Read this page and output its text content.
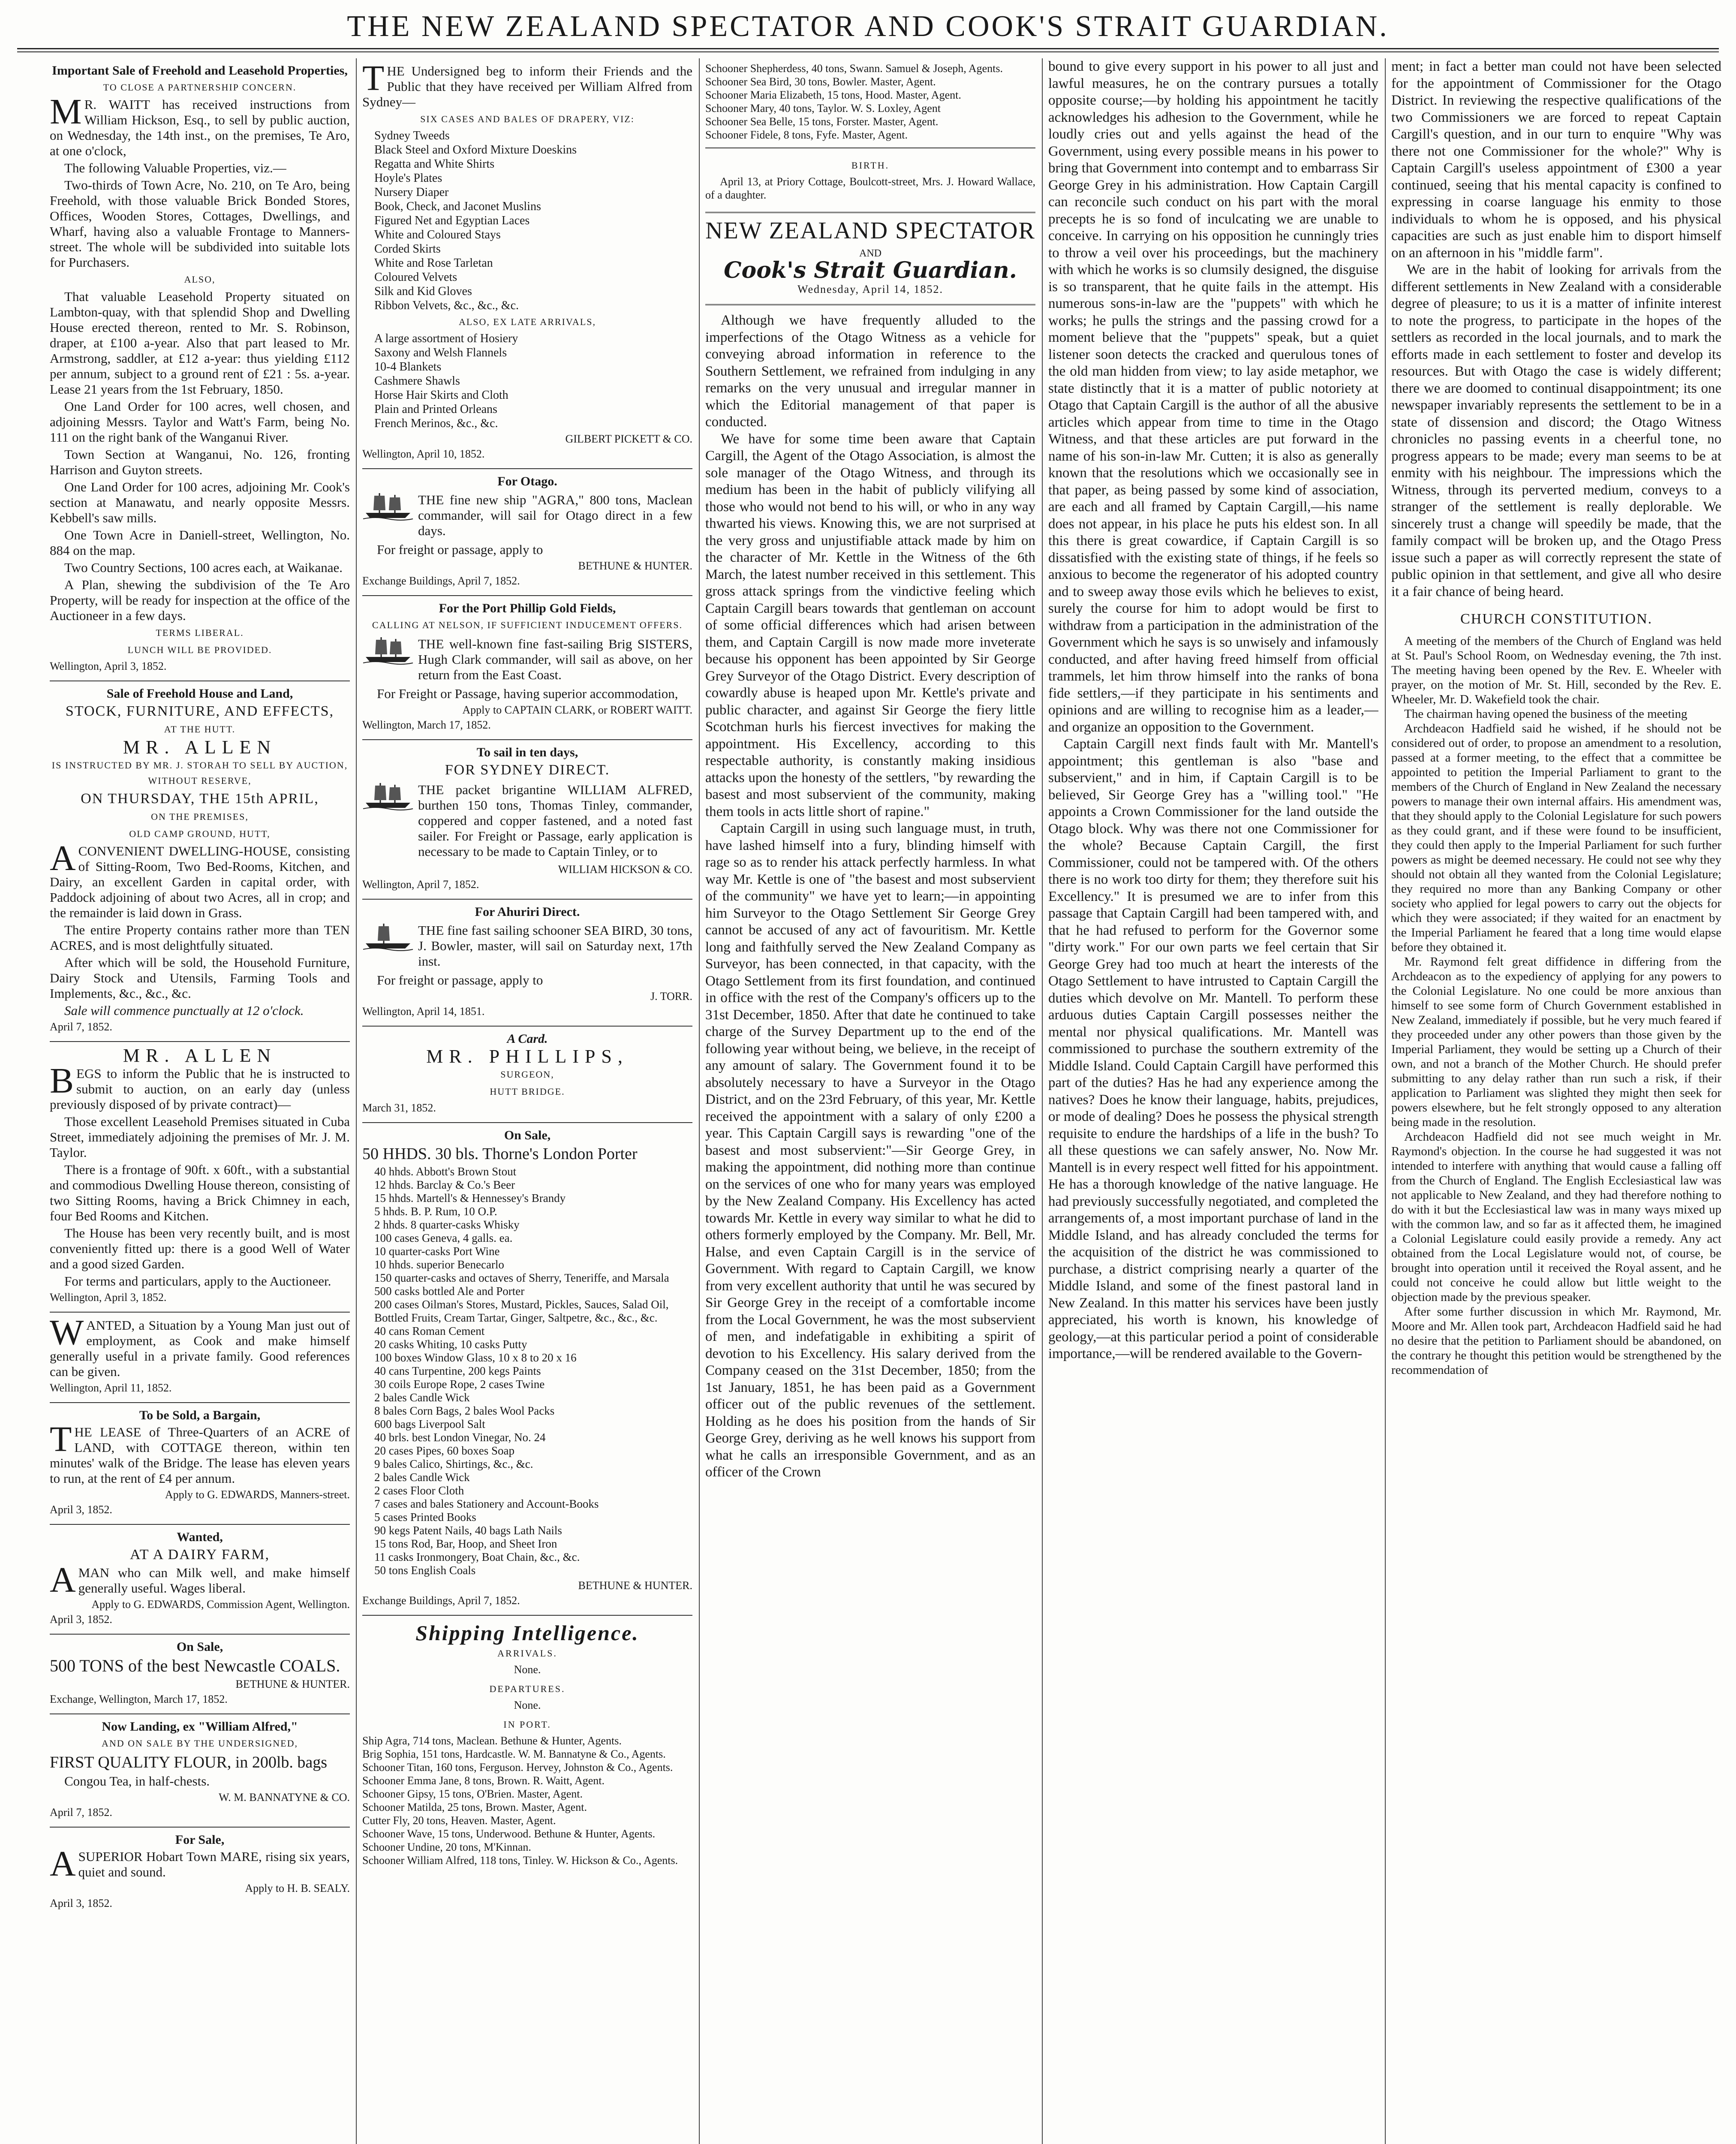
THE NEW ZEALAND SPECTATOR AND COOK'S STRAIT GUARDIAN.
Important Sale of Freehold and Leasehold Properties,
TO CLOSE A PARTNERSHIP CONCERN.
MR. WAITT has received instructions from William Hickson, Esq., to sell by public auction, on Wednesday, the 14th inst., on the premises, Te Aro, at one o'clock,
The following Valuable Properties, viz.—
Two-thirds of Town Acre, No. 210, on Te Aro, being Freehold, with those valuable Brick Bonded Stores, Offices, Wooden Stores, Cottages, Dwellings, and Wharf, having also a valuable Frontage to Manners-street. The whole will be subdivided into suitable lots for Purchasers.
ALSO,
That valuable Leasehold Property situated on Lambton-quay, with that splendid Shop and Dwelling House erected thereon, rented to Mr. S. Robinson, draper, at £100 a-year. Also that part leased to Mr. Armstrong, saddler, at £12 a-year: thus yielding £112 per annum, subject to a ground rent of £21 : 5s. a-year. Lease 21 years from the 1st February, 1850.
One Land Order for 100 acres, well chosen, and adjoining Messrs. Taylor and Watt's Farm, being No. 111 on the right bank of the Wanganui River.
Town Section at Wanganui, No. 126, fronting Harrison and Guyton streets.
One Land Order for 100 acres, adjoining Mr. Cook's section at Manawatu, and nearly opposite Messrs. Kebbell's saw mills.
One Town Acre in Daniell-street, Wellington, No. 884 on the map.
Two Country Sections, 100 acres each, at Waikanae.
A Plan, shewing the subdivision of the Te Aro Property, will be ready for inspection at the office of the Auctioneer in a few days.
TERMS LIBERAL.
LUNCH WILL BE PROVIDED.
Wellington, April 3, 1852.
Sale of Freehold House and Land,
STOCK, FURNITURE, AND EFFECTS,
AT THE HUTT.
MR. ALLEN
IS INSTRUCTED BY MR. J. STORAH TO SELL BY AUCTION, WITHOUT RESERVE,
ON THURSDAY, THE 15th APRIL,
ON THE PREMISES,
OLD CAMP GROUND, HUTT,
ACONVENIENT DWELLING-HOUSE, consisting of Sitting-Room, Two Bed-Rooms, Kitchen, and Dairy, an excellent Garden in capital order, with Paddock adjoining of about two Acres, all in crop; and the remainder is laid down in Grass.
The entire Property contains rather more than TEN ACRES, and is most delightfully situated.
After which will be sold, the Household Furniture, Dairy Stock and Utensils, Farming Tools and Implements, &c., &c., &c.
Sale will commence punctually at 12 o'clock.
April 7, 1852.
MR. ALLEN
BEGS to inform the Public that he is instructed to submit to auction, on an early day (unless previously disposed of by private contract)—
Those excellent Leasehold Premises situated in Cuba Street, immediately adjoining the premises of Mr. J. M. Taylor.
There is a frontage of 90ft. x 60ft., with a substantial and commodious Dwelling House thereon, consisting of two Sitting Rooms, having a Brick Chimney in each, four Bed Rooms and Kitchen.
The House has been very recently built, and is most conveniently fitted up: there is a good Well of Water and a good sized Garden.
For terms and particulars, apply to the Auctioneer.
Wellington, April 3, 1852.
WANTED, a Situation by a Young Man just out of employment, as Cook and make himself generally useful in a private family. Good references can be given.
Wellington, April 11, 1852.
To be Sold, a Bargain,
THE LEASE of Three-Quarters of an ACRE of LAND, with COTTAGE thereon, within ten minutes' walk of the Bridge. The lease has eleven years to run, at the rent of £4 per annum.
Apply to G. EDWARDS, Manners-street.
April 3, 1852.
Wanted,
AT A DAIRY FARM,
AMAN who can Milk well, and make himself generally useful. Wages liberal.
Apply to G. EDWARDS, Commission Agent, Wellington.
April 3, 1852.
On Sale,
500 TONS of the best Newcastle COALS.
BETHUNE & HUNTER.
Exchange, Wellington, March 17, 1852.
Now Landing, ex "William Alfred,"
AND ON SALE BY THE UNDERSIGNED,
FIRST QUALITY FLOUR, in 200lb. bags
Congou Tea, in half-chests.
W. M. BANNATYNE & CO.
April 7, 1852.
For Sale,
ASUPERIOR Hobart Town MARE, rising six years, quiet and sound.
Apply to H. B. SEALY.
April 3, 1852.
THE Undersigned beg to inform their Friends and the Public that they have received per William Alfred from Sydney—
SIX CASES AND BALES OF DRAPERY, VIZ:
Sydney Tweeds
Black Steel and Oxford Mixture Doeskins
Regatta and White Shirts
Hoyle's Plates
Nursery Diaper
Book, Check, and Jaconet Muslins
Figured Net and Egyptian Laces
White and Coloured Stays
Corded Skirts
White and Rose Tarletan
Coloured Velvets
Silk and Kid Gloves
Ribbon Velvets, &c., &c., &c.
ALSO, EX LATE ARRIVALS,
A large assortment of Hosiery
Saxony and Welsh Flannels
10-4 Blankets
Cashmere Shawls
Horse Hair Skirts and Cloth
Plain and Printed Orleans
French Merinos, &c., &c.
GILBERT PICKETT & CO.
Wellington, April 10, 1852.
For Otago.
THE fine new ship "AGRA," 800 tons, Maclean commander, will sail for Otago direct in a few days.
For freight or passage, apply to
BETHUNE & HUNTER.
Exchange Buildings, April 7, 1852.
For the Port Phillip Gold Fields,
CALLING AT NELSON, IF SUFFICIENT INDUCEMENT OFFERS.
THE well-known fine fast-sailing Brig SISTERS, Hugh Clark commander, will sail as above, on her return from the East Coast.
For Freight or Passage, having superior accommodation,
Apply to CAPTAIN CLARK, or ROBERT WAITT.
Wellington, March 17, 1852.
To sail in ten days,
FOR SYDNEY DIRECT.
THE packet brigantine WILLIAM ALFRED, burthen 150 tons, Thomas Tinley, commander, coppered and copper fastened, and a noted fast sailer. For Freight or Passage, early application is necessary to be made to Captain Tinley, or to
WILLIAM HICKSON & CO.
Wellington, April 7, 1852.
For Ahuriri Direct.
THE fine fast sailing schooner SEA BIRD, 30 tons, J. Bowler, master, will sail on Saturday next, 17th inst.
For freight or passage, apply to
J. TORR.
Wellington, April 14, 1851.
A Card.
MR. PHILLIPS,
SURGEON,
HUTT BRIDGE.
March 31, 1852.
On Sale,
50 HHDS. 30 bls. Thorne's London Porter
40 hhds. Abbott's Brown Stout
12 hhds. Barclay & Co.'s Beer
15 hhds. Martell's & Hennessey's Brandy
5 hhds. B. P. Rum, 10 O.P.
2 hhds. 8 quarter-casks Whisky
100 cases Geneva, 4 galls. ea.
10 quarter-casks Port Wine
10 hhds. superior Benecarlo
150 quarter-casks and octaves of Sherry, Teneriffe, and Marsala
500 casks bottled Ale and Porter
200 cases Oilman's Stores, Mustard, Pickles, Sauces, Salad Oil, Bottled Fruits, Cream Tartar, Ginger, Saltpetre, &c., &c., &c.
40 cans Roman Cement
20 casks Whiting, 10 casks Putty
100 boxes Window Glass, 10 x 8 to 20 x 16
40 cans Turpentine, 200 kegs Paints
30 coils Europe Rope, 2 cases Twine
2 bales Candle Wick
8 bales Corn Bags, 2 bales Wool Packs
600 bags Liverpool Salt
40 brls. best London Vinegar, No. 24
20 cases Pipes, 60 boxes Soap
9 bales Calico, Shirtings, &c., &c.
2 bales Candle Wick
2 cases Floor Cloth
7 cases and bales Stationery and Account-Books
5 cases Printed Books
90 kegs Patent Nails, 40 bags Lath Nails
15 tons Rod, Bar, Hoop, and Sheet Iron
11 casks Ironmongery, Boat Chain, &c., &c.
50 tons English Coals
BETHUNE & HUNTER.
Exchange Buildings, April 7, 1852.
Shipping Intelligence.
ARRIVALS.
None.
DEPARTURES.
None.
IN PORT.
Ship Agra, 714 tons, Maclean. Bethune & Hunter, Agents.
Brig Sophia, 151 tons, Hardcastle. W. M. Bannatyne & Co., Agents.
Schooner Titan, 160 tons, Ferguson. Hervey, Johnston & Co., Agents.
Schooner Emma Jane, 8 tons, Brown. R. Waitt, Agent.
Schooner Gipsy, 15 tons, O'Brien. Master, Agent.
Schooner Matilda, 25 tons, Brown. Master, Agent.
Cutter Fly, 20 tons, Heaven. Master, Agent.
Schooner Wave, 15 tons, Underwood. Bethune & Hunter, Agents.
Schooner Undine, 20 tons, M'Kinnan.
Schooner William Alfred, 118 tons, Tinley. W. Hickson & Co., Agents.
Schooner Shepherdess, 40 tons, Swann. Samuel & Joseph, Agents.
Schooner Sea Bird, 30 tons, Bowler. Master, Agent.
Schooner Maria Elizabeth, 15 tons, Hood. Master, Agent.
Schooner Mary, 40 tons, Taylor. W. S. Loxley, Agent
Schooner Sea Belle, 15 tons, Forster. Master, Agent.
Schooner Fidele, 8 tons, Fyfe. Master, Agent.
BIRTH.
April 13, at Priory Cottage, Boulcott-street, Mrs. J. Howard Wallace, of a daughter.
NEW ZEALAND SPECTATOR
AND
Cook's Strait Guardian.
Wednesday, April 14, 1852.

Although we have frequently alluded to the imperfections of the Otago Witness as a vehicle for conveying abroad information in reference to the Southern Settlement, we refrained from indulging in any remarks on the very unusual and irregular manner in which the Editorial management of that paper is conducted.

We have for some time been aware that Captain Cargill, the Agent of the Otago Association, is almost the sole manager of the Otago Witness, and through its medium has been in the habit of publicly vilifying all those who would not bend to his will, or who in any way thwarted his views. Knowing this, we are not surprised at the very gross and unjustifiable attack made by him on the character of Mr. Kettle in the Witness of the 6th March, the latest number received in this settlement. This gross attack springs from the vindictive feeling which Captain Cargill bears towards that gentleman on account of some official differences which had arisen between them, and Captain Cargill is now made more inveterate because his opponent has been appointed by Sir George Grey Surveyor of the Otago District. Every description of cowardly abuse is heaped upon Mr. Kettle's private and public character, and against Sir George the fiery little Scotchman hurls his fiercest invectives for making the appointment. His Excellency, according to this respectable authority, is constantly making insidious attacks upon the honesty of the settlers, "by rewarding the basest and most subservient of the community, making them tools in acts little short of rapine."

Captain Cargill in using such language must, in truth, have lashed himself into a fury, blinding himself with rage so as to render his attack perfectly harmless. In what way Mr. Kettle is one of "the basest and most subservient of the community" we have yet to learn;—in appointing him Surveyor to the Otago Settlement Sir George Grey cannot be accused of any act of favouritism. Mr. Kettle long and faithfully served the New Zealand Company as Surveyor, has been connected, in that capacity, with the Otago Settlement from its first foundation, and continued in office with the rest of the Company's officers up to the 31st December, 1850. After that date he continued to take charge of the Survey Department up to the end of the following year without being, we believe, in the receipt of any amount of salary. The Government found it to be absolutely necessary to have a Surveyor in the Otago District, and on the 23rd February, of this year, Mr. Kettle received the appointment with a salary of only £200 a year. This Captain Cargill says is rewarding "one of the basest and most subservient:"—Sir George Grey, in making the appointment, did nothing more than continue on the services of one who for many years was employed by the New Zealand Company. His Excellency has acted towards Mr. Kettle in every way similar to what he did to others formerly employed by the Company. Mr. Bell, Mr. Halse, and even Captain Cargill is in the service of Government. With regard to Captain Cargill, we know from very excellent authority that until he was secured by Sir George Grey in the receipt of a comfortable income from the Local Government, he was the most subservient of men, and indefatigable in exhibiting a spirit of devotion to his Excellency. His salary derived from the Company ceased on the 31st December, 1850; from the 1st January, 1851, he has been paid as a Government officer out of the public revenues of the settlement. Holding as he does his position from the hands of Sir George Grey, deriving as he well knows his support from what he calls an irresponsible Government, and as an officer of the Crown

bound to give every support in his power to all just and lawful measures, he on the contrary pursues a totally opposite course;—by holding his appointment he tacitly acknowledges his adhesion to the Government, while he loudly cries out and yells against the head of the Government, using every possible means in his power to bring that Government into contempt and to embarrass Sir George Grey in his administration. How Captain Cargill can reconcile such conduct on his part with the moral precepts he is so fond of inculcating we are unable to conceive. In carrying on his opposition he cunningly tries to throw a veil over his proceedings, but the machinery with which he works is so clumsily designed, the disguise is so transparent, that he quite fails in the attempt. His numerous sons-in-law are the "puppets" with which he works; he pulls the strings and the passing crowd for a moment believe that the "puppets" speak, but a quiet listener soon detects the cracked and querulous tones of the old man hidden from view; to lay aside metaphor, we state distinctly that it is a matter of public notoriety at Otago that Captain Cargill is the author of all the abusive articles which appear from time to time in the Otago Witness, and that these articles are put forward in the name of his son-in-law Mr. Cutten; it is also as generally known that the resolutions which we occasionally see in that paper, as being passed by some kind of association, are each and all framed by Captain Cargill,—his name does not appear, in his place he puts his eldest son. In all this there is great cowardice, if Captain Cargill is so dissatisfied with the existing state of things, if he feels so anxious to become the regenerator of his adopted country and to sweep away those evils which he believes to exist, surely the course for him to adopt would be first to withdraw from a participation in the administration of the Government which he says is so unwisely and infamously conducted, and after having freed himself from official trammels, let him throw himself into the ranks of bona fide settlers,—if they participate in his sentiments and opinions and are willing to recognise him as a leader,—and organize an opposition to the Government.

Captain Cargill next finds fault with Mr. Mantell's appointment; this gentleman is also "base and subservient," and in him, if Captain Cargill is to be believed, Sir George Grey has a "willing tool." "He appoints a Crown Commissioner for the land outside the Otago block. Why was there not one Commissioner for the whole? Because Captain Cargill, the first Commissioner, could not be tampered with. Of the others there is no work too dirty for them; they therefore suit his Excellency." It is presumed we are to infer from this passage that Captain Cargill had been tampered with, and that he had refused to perform for the Governor some "dirty work." For our own parts we feel certain that Sir George Grey had too much at heart the interests of the Otago Settlement to have intrusted to Captain Cargill the duties which devolve on Mr. Mantell. To perform these arduous duties Captain Cargill possesses neither the mental nor physical qualifications. Mr. Mantell was commissioned to purchase the southern extremity of the Middle Island. Could Captain Cargill have performed this part of the duties? Has he had any experience among the natives? Does he know their language, habits, prejudices, or mode of dealing? Does he possess the physical strength requisite to endure the hardships of a life in the bush? To all these questions we can safely answer, No. Now Mr. Mantell is in every respect well fitted for his appointment. He has a thorough knowledge of the native language. He had previously successfully negotiated, and completed the arrangements of, a most important purchase of land in the Middle Island, and has already concluded the terms for the acquisition of the district he was commissioned to purchase, a district comprising nearly a quarter of the Middle Island, and some of the finest pastoral land in New Zealand. In this matter his services have been justly appreciated, his worth is known, his knowledge of geology,—at this particular period a point of considerable importance,—will be rendered available to the Govern-

ment; in fact a better man could not have been selected for the appointment of Commissioner for the Otago District. In reviewing the respective qualifications of the two Commissioners we are forced to repeat Captain Cargill's question, and in our turn to enquire "Why was there not one Commissioner for the whole?" Why is Captain Cargill's useless appointment of £300 a year continued, seeing that his mental capacity is confined to expressing in coarse language his enmity to those individuals to whom he is opposed, and his physical capacities are such as just enable him to disport himself on an afternoon in his "middle farm".

We are in the habit of looking for arrivals from the different settlements in New Zealand with a considerable degree of pleasure; to us it is a matter of infinite interest to note the progress, to participate in the hopes of the settlers as recorded in the local journals, and to mark the efforts made in each settlement to foster and develop its resources. But with Otago the case is widely different; there we are doomed to continual disappointment; its one newspaper invariably represents the settlement to be in a state of dissension and discord; the Otago Witness chronicles no passing events in a cheerful tone, no progress appears to be made; every man seems to be at enmity with his neighbour. The impressions which the Witness, through its perverted medium, conveys to a stranger of the settlement is really deplorable. We sincerely trust a change will speedily be made, that the family compact will be broken up, and the Otago Press issue such a paper as will correctly represent the state of public opinion in that settlement, and give all who desire it a fair chance of being heard.

CHURCH CONSTITUTION.

A meeting of the members of the Church of England was held at St. Paul's School Room, on Wednesday evening, the 7th inst. The meeting having been opened by the Rev. E. Wheeler with prayer, on the motion of Mr. St. Hill, seconded by the Rev. E. Wheeler, Mr. D. Wakefield took the chair.

The chairman having opened the business of the meeting

Archdeacon Hadfield said he wished, if he should not be considered out of order, to propose an amendment to a resolution, passed at a former meeting, to the effect that a committee be appointed to petition the Imperial Parliament to grant to the members of the Church of England in New Zealand the necessary powers to manage their own internal affairs. His amendment was, that they should apply to the Colonial Legislature for such powers as they could grant, and if these were found to be insufficient, they could then apply to the Imperial Parliament for such further powers as might be deemed necessary. He could not see why they should not obtain all they wanted from the Colonial Legislature; they required no more than any Banking Company or other society who applied for legal powers to carry out the objects for which they were associated; if they waited for an enactment by the Imperial Parliament he feared that a long time would elapse before they obtained it.

Mr. Raymond felt great diffidence in differing from the Archdeacon as to the expediency of applying for any powers to the Colonial Legislature. No one could be more anxious than himself to see some form of Church Government established in New Zealand, immediately if possible, but he very much feared if they proceeded under any other powers than those given by the Imperial Parliament, they would be setting up a Church of their own, and not a branch of the Mother Church. He should prefer submitting to any delay rather than run such a risk, if their application to Parliament was slighted they might then seek for powers elsewhere, but he felt strongly opposed to any alteration being made in the resolution.

Archdeacon Hadfield did not see much weight in Mr. Raymond's objection. In the course he had suggested it was not intended to interfere with anything that would cause a falling off from the Church of England. The English Ecclesiastical law was not applicable to New Zealand, and they had therefore nothing to do with it but the Ecclesiastical law was in many ways mixed up with the common law, and so far as it affected them, he imagined a Colonial Legislature could easily provide a remedy. Any act obtained from the Local Legislature would not, of course, be brought into operation until it received the Royal assent, and he could not conceive he could allow but little weight to the objection made by the previous speaker.

After some further discussion in which Mr. Raymond, Mr. Moore and Mr. Allen took part, Archdeacon Hadfield said he had no desire that the petition to Parliament should be abandoned, on the contrary he thought this petition would be strengthened by the recommendation of
